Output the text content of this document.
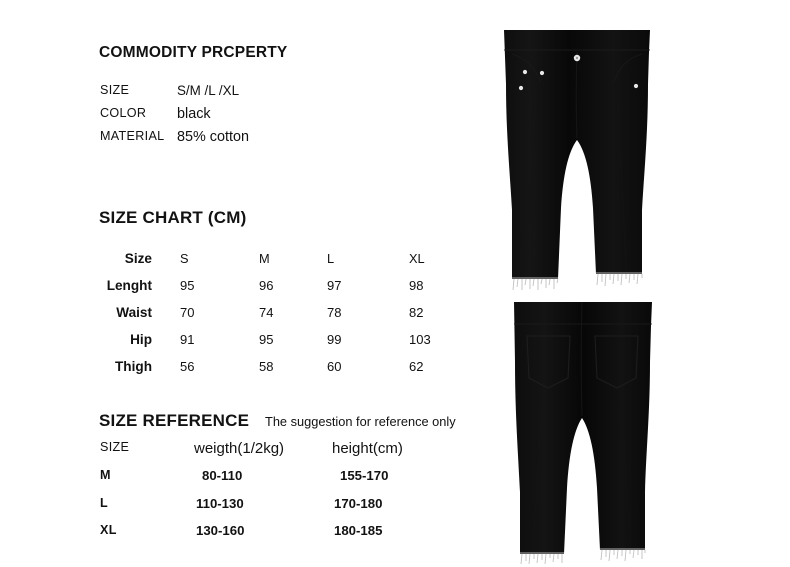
COMMODITY PRCPERTY
SIZE	S/M /L /XL
COLOR black
MATERIAL 85% cotton
SIZE CHART (CM)
Size S	M	L	XL
Lenght 95	96	97	98
Waist 70	74	78	82
Hip 91	95	99	103
Thigh 56	58	60	62
SIZE REFERENCE The suggestion for reference only
SIZE	weigth(1/2kg)	height(cm)
M	80-110	155-170
L	110-130	170-180
XL	130-160	180-185
